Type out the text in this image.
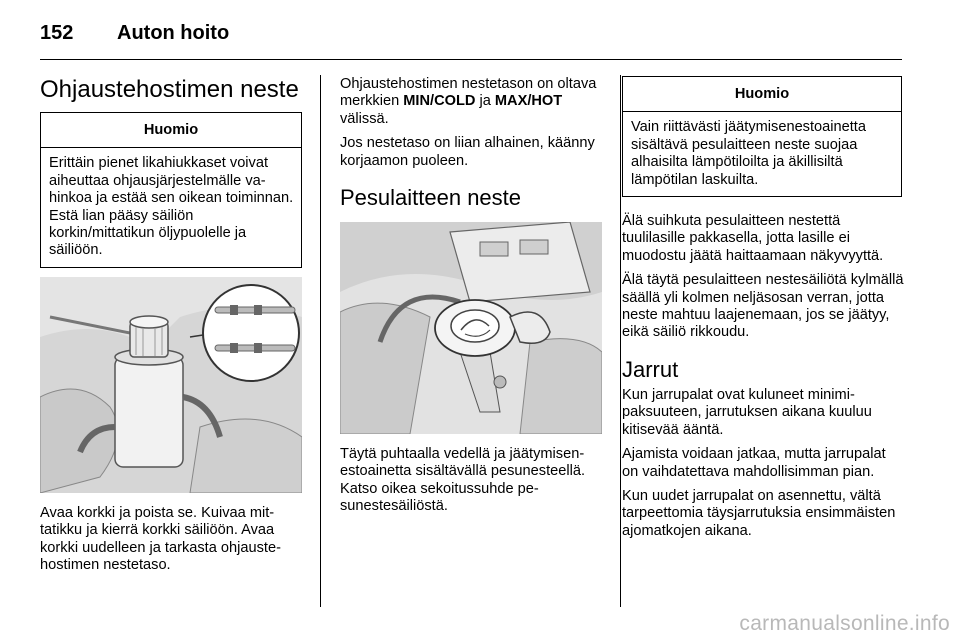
152 Auton hoito
Ohjaustehostimen neste
Huomio
Erittäin pienet likahiukkaset voivat aiheuttaa ohjausjärjestelmälle vahinkoa ja estää sen oikean toiminnan. Estä lian pääsy säiliön korkin/mittatikun öljypuolelle ja säiliöön.

Avaa korkki ja poista se. Kuivaa mittatikku ja kierrä korkki säiliöön. Avaa korkki uudelleen ja tarkasta ohjaustehostimen nestetaso.

Ohjaustehostimen nestetason on oltava merkkien MIN/COLD ja MAX/HOT välissä.

Jos nestetaso on liian alhainen, käänny korjaamon puoleen.

Pesulaitteen neste

Täytä puhtaalla vedellä ja jäätymisenestoainetta sisältävällä pesunesteellä. Katso oikea sekoitussuhde pesunestesäiliöstä.

Huomio
Vain riittävästi jäätymisenestoainetta sisältävä pesulaitteen neste suojaa alhaisilta lämpötiloilta ja äkillisiltä lämpötilan laskuilta.

Älä suihkuta pesulaitteen nestettä tuulilasille pakkasella, jotta lasille ei muodostu jäätä haittaamaan näkyvyyttä.

Älä täytä pesulaitteen nestesäiliötä kylmällä säällä yli kolmen neljäsosan verran, jotta neste mahtuu laajenemaan, jos se jäätyy, eikä säiliö rikkoudu.

Jarrut

Kun jarrupalat ovat kuluneet minimipaksuuteen, jarrutuksen aikana kuuluu kitisevää ääntä.

Ajamista voidaan jatkaa, mutta jarrupalat on vaihdatettava mahdollisimman pian.

Kun uudet jarrupalat on asennettu, vältä tarpeettomia täysjarrutuksia ensimmäisten ajomatkojen aikana.

carmanualsonline.info
